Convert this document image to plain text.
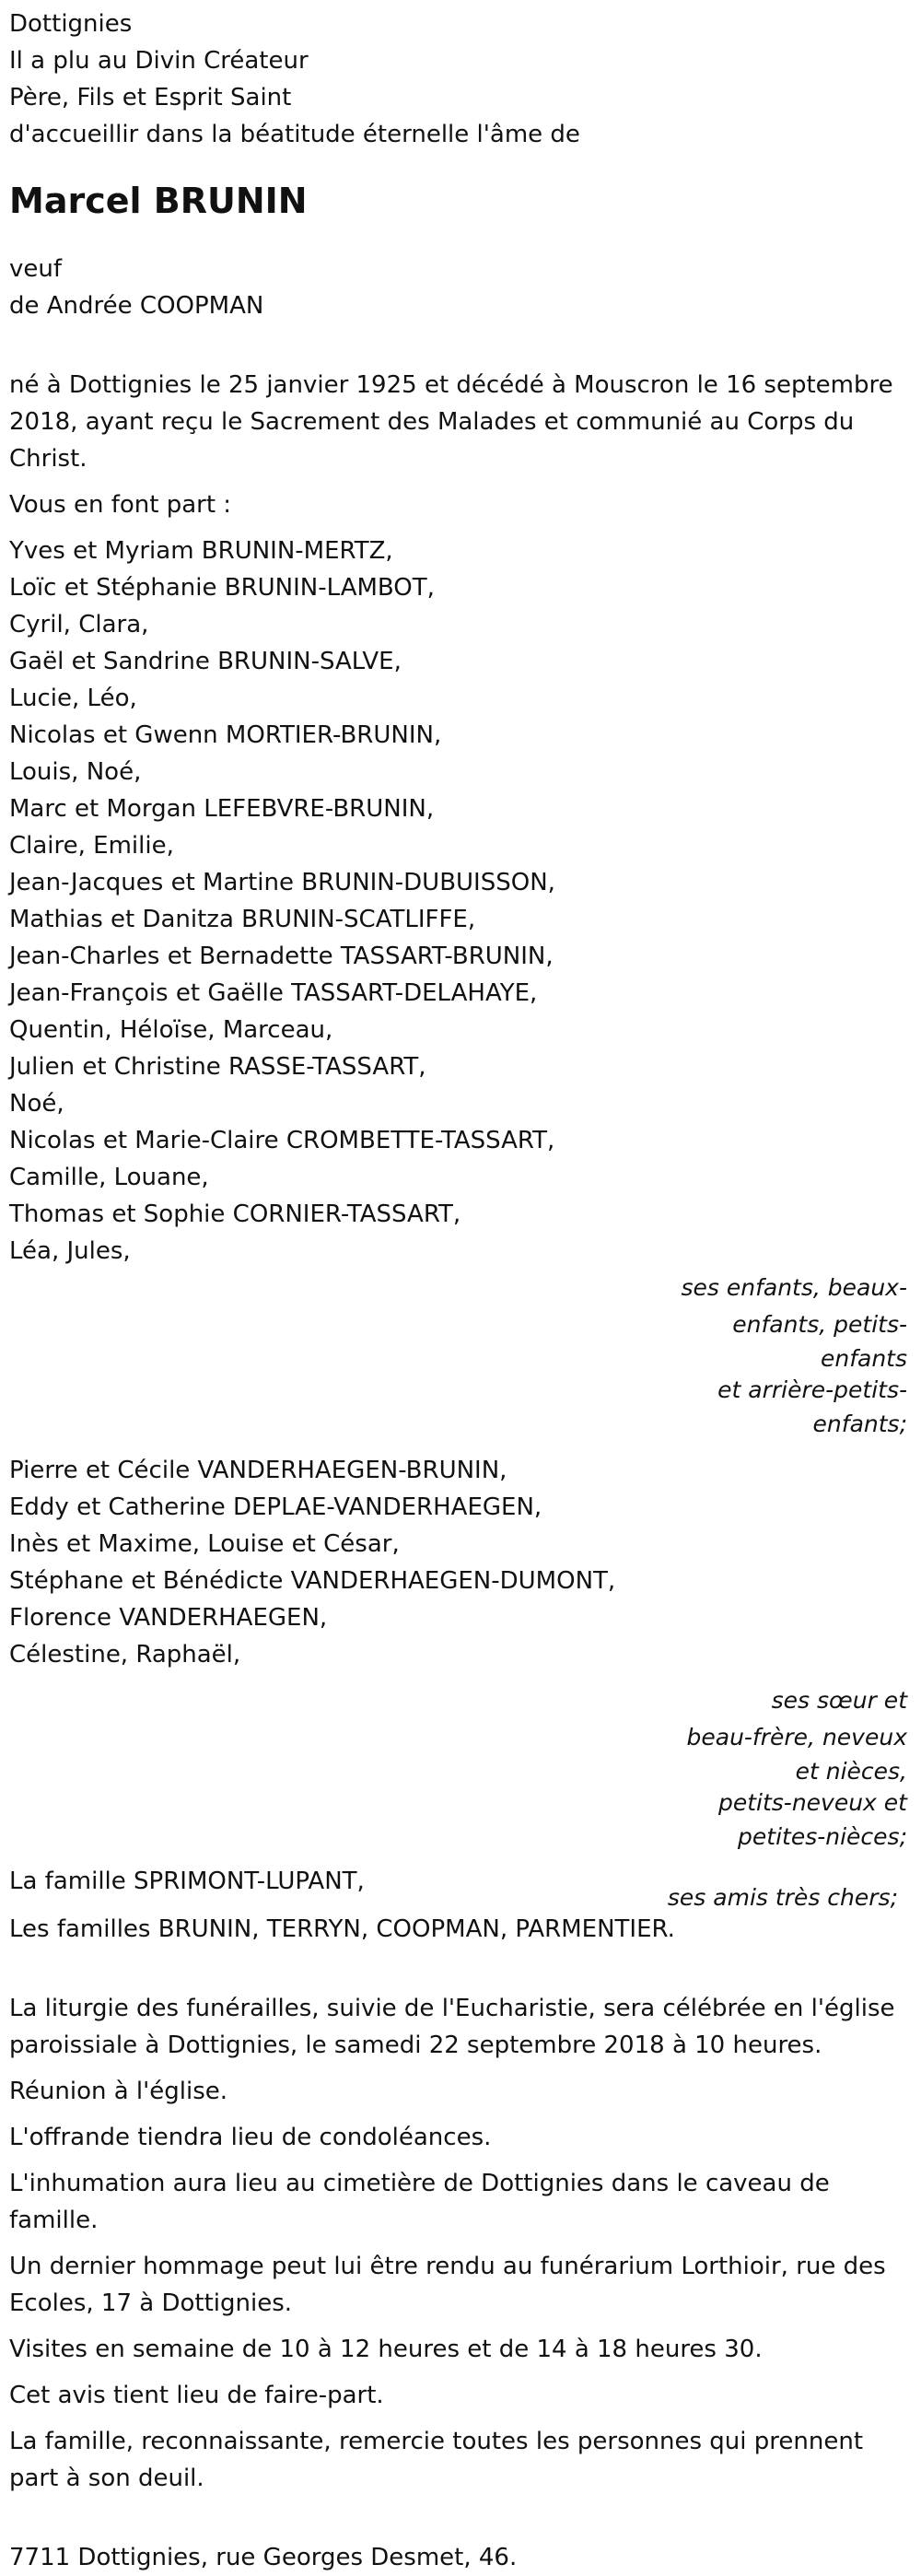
Dottignies
Il a plu au Divin Créateur
Père, Fils et Esprit Saint
d'accueillir dans la béatitude éternelle l'âme de
Marcel BRUNIN
veuf
de Andrée COOPMAN
né à Dottignies le 25 janvier 1925 et décédé à Mouscron le 16 septembre 2018, ayant reçu le Sacrement des Malades et communié au Corps du Christ.
Vous en font part :
Yves et Myriam BRUNIN-MERTZ,
Loïc et Stéphanie BRUNIN-LAMBOT,
Cyril, Clara,
Gaël et Sandrine BRUNIN-SALVE,
Lucie, Léo,
Nicolas et Gwenn MORTIER-BRUNIN,
Louis, Noé,
Marc et Morgan LEFEBVRE-BRUNIN,
Claire, Emilie,
Jean-Jacques et Martine BRUNIN-DUBUISSON,
Mathias et Danitza BRUNIN-SCATLIFFE,
Jean-Charles et Bernadette TASSART-BRUNIN,
Jean-François et Gaëlle TASSART-DELAHAYE,
Quentin, Héloïse, Marceau,
Julien et Christine RASSE-TASSART,
Noé,
Nicolas et Marie-Claire CROMBETTE-TASSART,
Camille, Louane,
Thomas et Sophie CORNIER-TASSART,
Léa, Jules,
ses enfants, beaux-
enfants, petits-
enfants
et arrière-petits-
enfants;
Pierre et Cécile VANDERHAEGEN-BRUNIN,
Eddy et Catherine DEPLAE-VANDERHAEGEN,
Inès et Maxime, Louise et César,
Stéphane et Bénédicte VANDERHAEGEN-DUMONT,
Florence VANDERHAEGEN,
Célestine, Raphaël,
ses sœur et
beau-frère, neveux
et nièces,
petits-neveux et
petites-nièces;
La famille SPRIMONT-LUPANT,
ses amis très chers;
Les familles BRUNIN, TERRYN, COOPMAN, PARMENTIER.
La liturgie des funérailles, suivie de l'Eucharistie, sera célébrée en l'église paroissiale à Dottignies, le samedi 22 septembre 2018 à 10 heures.
Réunion à l'église.
L'offrande tiendra lieu de condoléances.
L'inhumation aura lieu au cimetière de Dottignies dans le caveau de famille.
Un dernier hommage peut lui être rendu au funérarium Lorthioir, rue des Ecoles, 17 à Dottignies.
Visites en semaine de 10 à 12 heures et de 14 à 18 heures 30.
Cet avis tient lieu de faire-part.
La famille, reconnaissante, remercie toutes les personnes qui prennent part à son deuil.
7711 Dottignies, rue Georges Desmet, 46.
